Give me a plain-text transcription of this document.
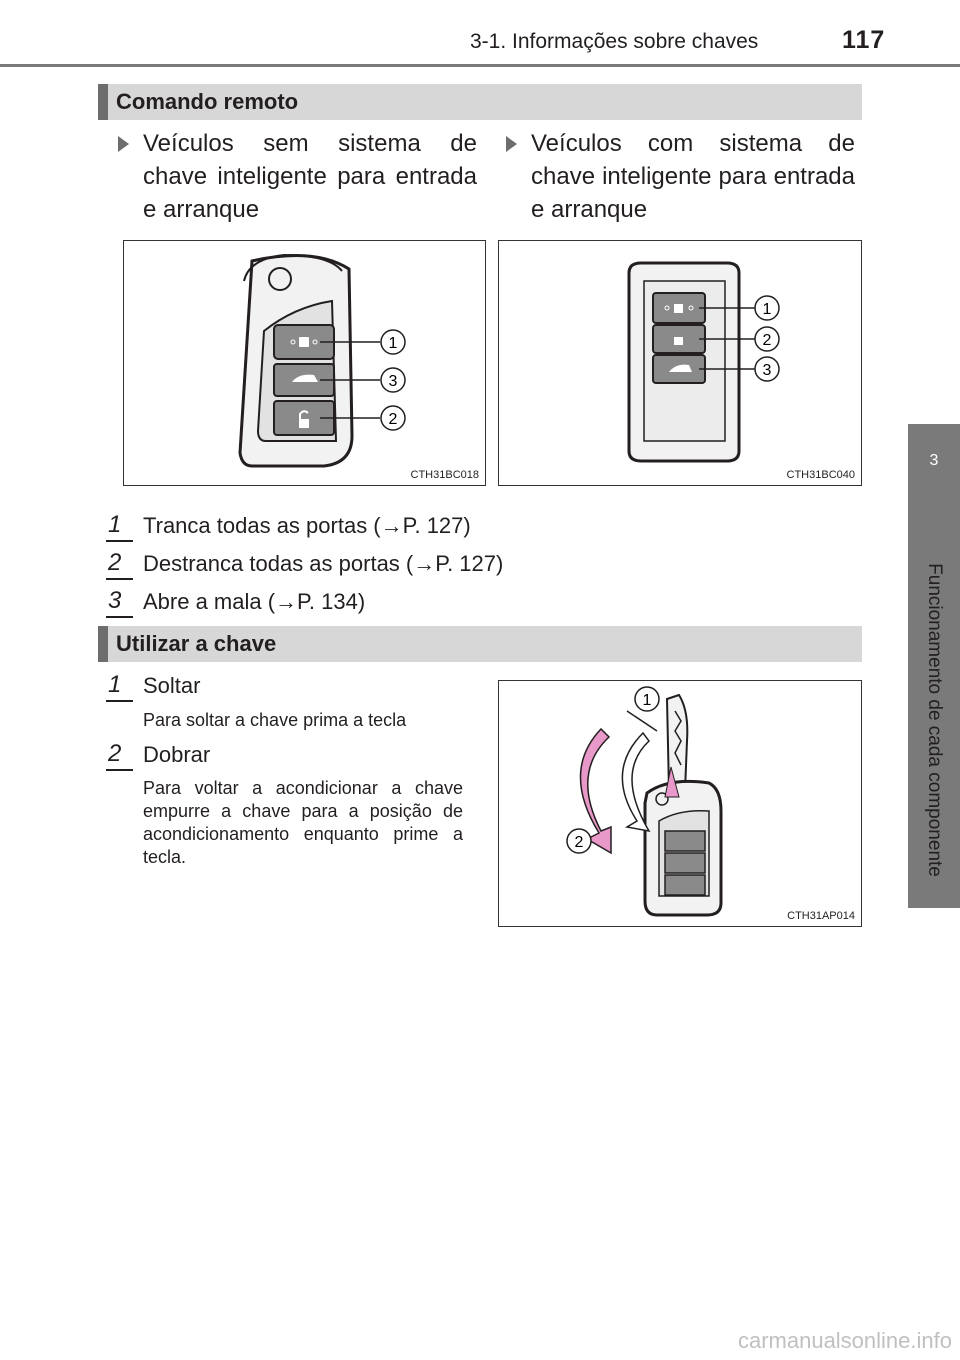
3-1. Informações sobre chaves	117
3
Funcionamento de cada componente
Comando remoto
Veículos sem sistema de chave inteligente para entrada e arranque
Veículos com sistema de chave inteligente para entrada e arranque
1
3
2
CTH31BC018
1
2
3
CTH31BC040
1 Tranca todas as portas (→P. 127)
2 Destranca todas as portas (→P. 127)
3 Abre a mala (→P. 134)
Utilizar a chave
1 Soltar
Para soltar a chave prima a tecla
2 Dobrar
Para voltar a acondicionar a chave empurre a chave para a posição de acondicionamento enquanto prime a tecla.
1
2
CTH31AP014
carmanualsonline.info
